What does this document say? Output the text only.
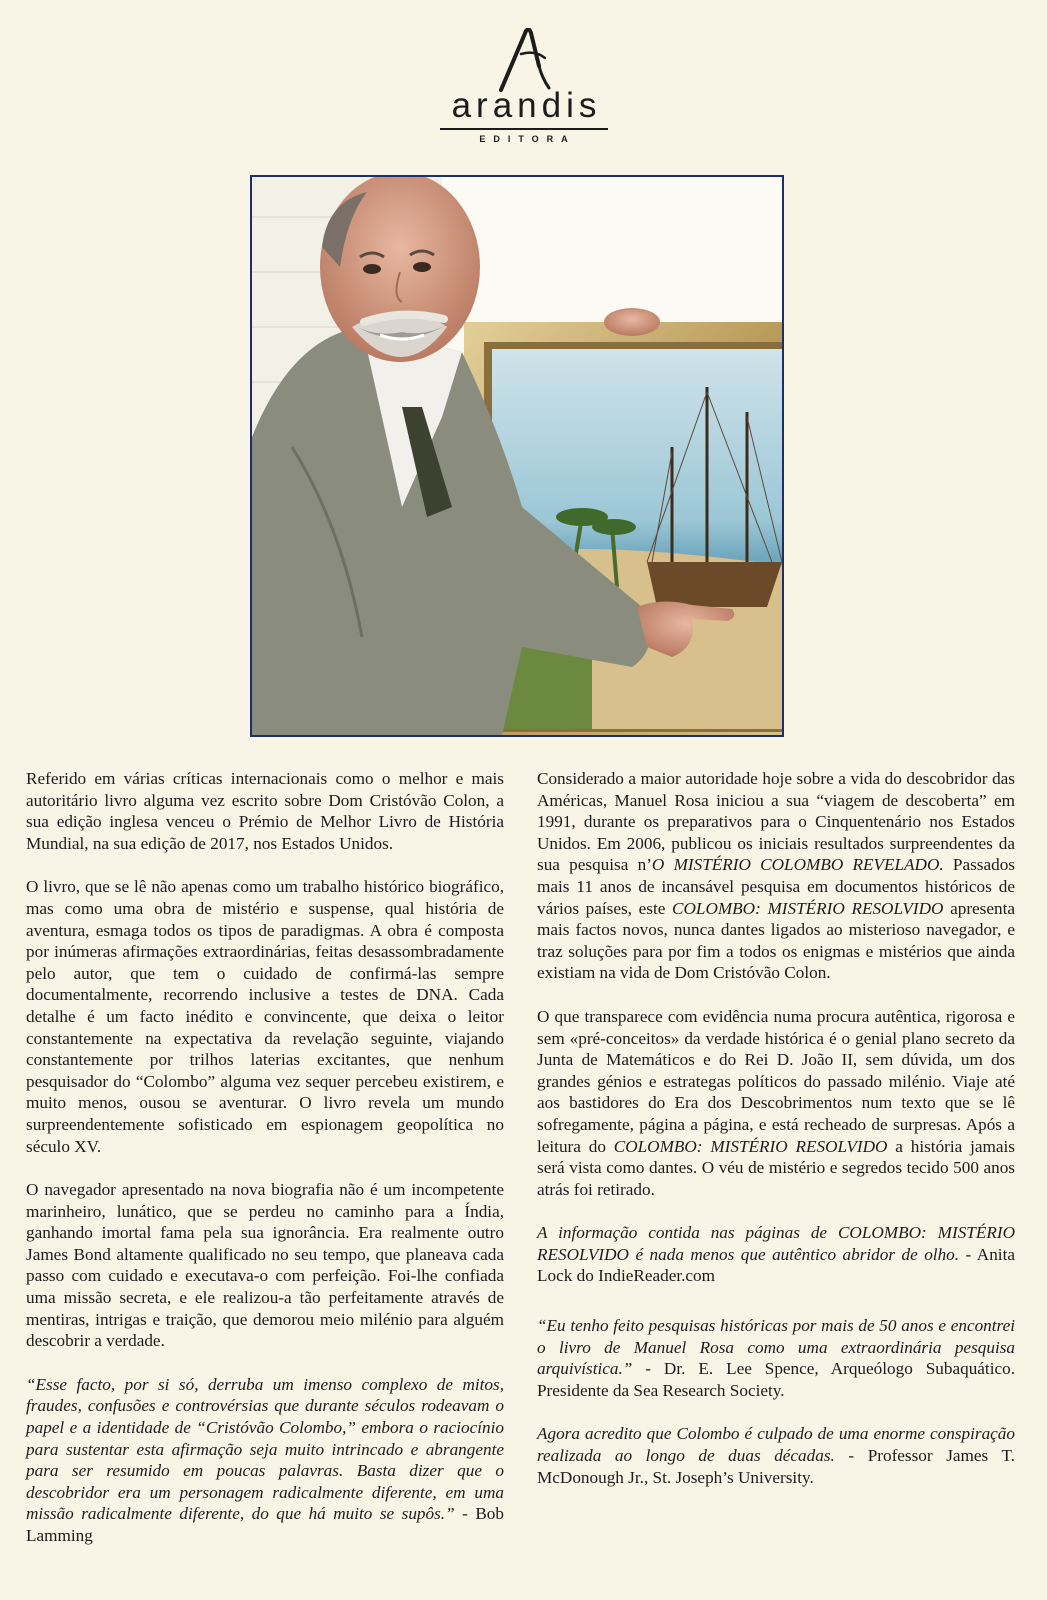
arandis
EDITORA

Referido em várias críticas internacionais como o melhor e mais autoritário livro alguma vez escrito sobre Dom Cristóvão Colon, a sua edição inglesa venceu o Prémio de Melhor Livro de História Mundial, na sua edição de 2017, nos Estados Unidos.

O livro, que se lê não apenas como um trabalho histórico biográfico, mas como uma obra de mistério e suspense, qual história de aventura, esmaga todos os tipos de paradigmas. A obra é composta por inúmeras afirmações extraordinárias, feitas desassombradamente pelo autor, que tem o cuidado de confirmá-las sempre documentalmente, recorrendo inclusive a testes de DNA. Cada detalhe é um facto inédito e convincente, que deixa o leitor constantemente na expectativa da revelação seguinte, viajando constantemente por trilhos laterias excitantes, que nenhum pesquisador do “Colombo” alguma vez sequer percebeu existirem, e muito menos, ousou se aventurar. O livro revela um mundo surpreendentemente sofisticado em espionagem geopolítica no século XV.

O navegador apresentado na nova biografia não é um incompetente marinheiro, lunático, que se perdeu no caminho para a Índia, ganhando imortal fama pela sua ignorância. Era realmente outro James Bond altamente qualificado no seu tempo, que planeava cada passo com cuidado e executava-o com perfeição. Foi-lhe confiada uma missão secreta, e ele realizou-a tão perfeitamente através de mentiras, intrigas e traição, que demorou meio milénio para alguém descobrir a verdade.

“Esse facto, por si só, derruba um imenso complexo de mitos, fraudes, confusões e controvérsias que durante séculos rodeavam o papel e a identidade de “Cristóvão Colombo,” embora o raciocínio para sustentar esta afirmação seja muito intrincado e abrangente para ser resumido em poucas palavras. Basta dizer que o descobridor era um personagem radicalmente diferente, em uma missão radicalmente diferente, do que há muito se supôs.” - Bob Lamming

Considerado a maior autoridade hoje sobre a vida do descobridor das Américas, Manuel Rosa iniciou a sua “viagem de descoberta” em 1991, durante os preparativos para o Cinquentenário nos Estados Unidos. Em 2006, publicou os iniciais resultados surpreendentes da sua pesquisa n’O MISTÉRIO COLOMBO REVELADO. Passados mais 11 anos de incansável pesquisa em documentos históricos de vários países, este COLOMBO: MISTÉRIO RESOLVIDO apresenta mais factos novos, nunca dantes ligados ao misterioso navegador, e traz soluções para por fim a todos os enigmas e mistérios que ainda existiam na vida de Dom Cristóvão Colon.

O que transparece com evidência numa procura autêntica, rigorosa e sem «pré-conceitos» da verdade histórica é o genial plano secreto da Junta de Matemáticos e do Rei D. João II, sem dúvida, um dos grandes génios e estrategas políticos do passado milénio. Viaje até aos bastidores do Era dos Descobrimentos num texto que se lê sofregamente, página a página, e está recheado de surpresas. Após a leitura do COLOMBO: MISTÉRIO RESOLVIDO a história jamais será vista como dantes. O véu de mistério e segredos tecido 500 anos atrás foi retirado.

A informação contida nas páginas de COLOMBO: MISTÉRIO RESOLVIDO é nada menos que autêntico abridor de olho. - Anita Lock do IndieReader.com

“Eu tenho feito pesquisas históricas por mais de 50 anos e encontrei o livro de Manuel Rosa como uma extraordinária pesquisa arquivística.” - Dr. E. Lee Spence, Arqueólogo Subaquático. Presidente da Sea Research Society.

Agora acredito que Colombo é culpado de uma enorme conspiração realizada ao longo de duas décadas. - Professor James T. McDonough Jr., St. Joseph’s University.
